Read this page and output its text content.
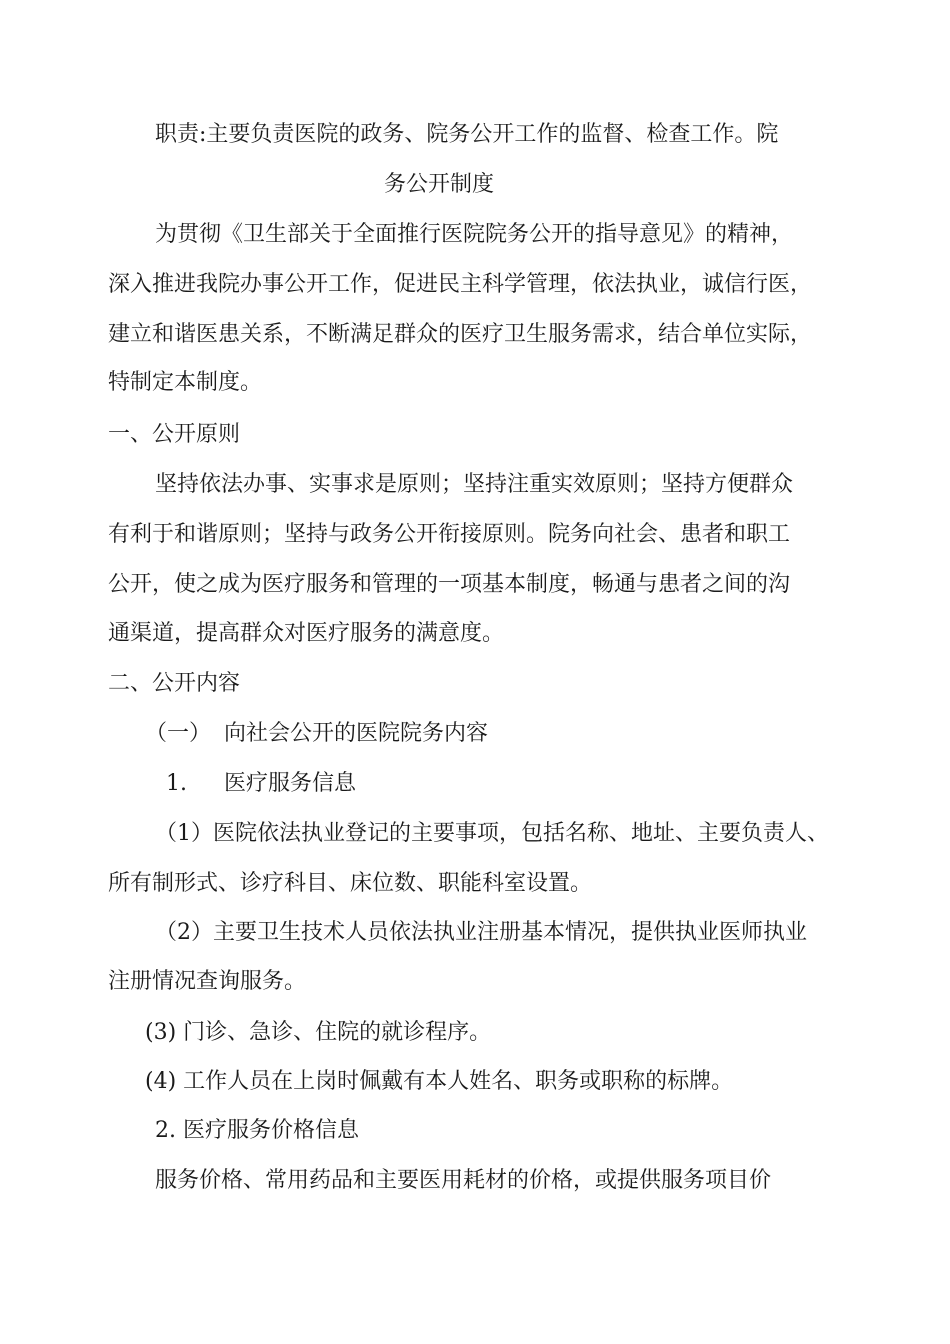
职责:主要负责医院的政务、院务公开工作的监督、检查工作。院

务公开制度

为贯彻《卫生部关于全面推行医院院务公开的指导意见》的精神，

深入推进我院办事公开工作，促进民主科学管理，依法执业，诚信行医，

建立和谐医患关系，不断满足群众的医疗卫生服务需求，结合单位实际，

特制定本制度。

一、公开原则

坚持依法办事、实事求是原则；坚持注重实效原则；坚持方便群众

有利于和谐原则；坚持与政务公开衔接原则。院务向社会、患者和职工

公开，使之成为医疗服务和管理的一项基本制度，畅通与患者之间的沟

通渠道，提高群众对医疗服务的满意度。

二、公开内容

（一） 向社会公开的医院院务内容

1. 医疗服务信息

（1）医院依法执业登记的主要事项，包括名称、地址、主要负责人、

所有制形式、诊疗科目、床位数、职能科室设置。

（2）主要卫生技术人员依法执业注册基本情况，提供执业医师执业

注册情况查询服务。

(3) 门诊、急诊、住院的就诊程序。

(4) 工作人员在上岗时佩戴有本人姓名、职务或职称的标牌。

2. 医疗服务价格信息

服务价格、常用药品和主要医用耗材的价格，或提供服务项目价
